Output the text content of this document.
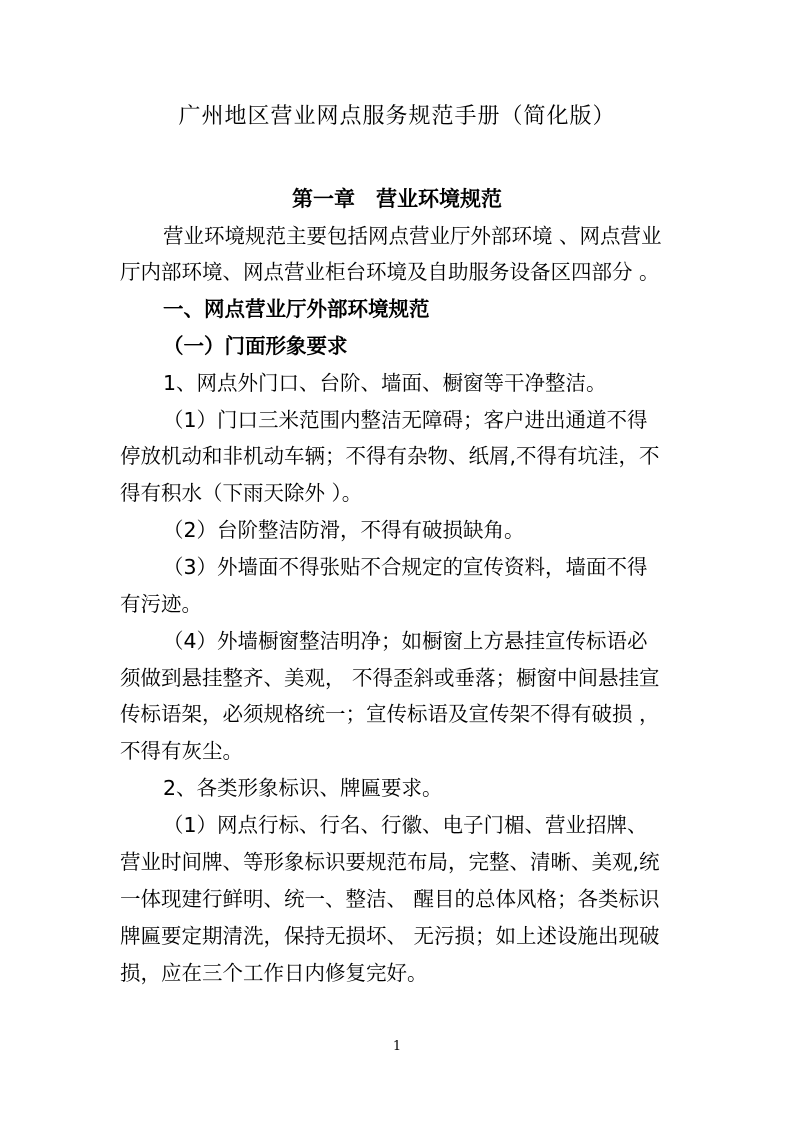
广州地区营业网点服务规范手册（简化版）
第一章　营业环境规范
营业环境规范主要包括网点营业厅外部环境 、网点营业
厅内部环境、网点营业柜台环境及自助服务设备区四部分 。
一、网点营业厅外部环境规范
（一）门面形象要求
1、网点外门口、台阶、墙面、橱窗等干净整洁。
（1）门口三米范围内整洁无障碍；客户进出通道不得
停放机动和非机动车辆；不得有杂物、纸屑,不得有坑洼，不
得有积水（下雨天除外 ）。
（2）台阶整洁防滑，不得有破损缺角。
（3）外墙面不得张贴不合规定的宣传资料，墙面不得
有污迹。
（4）外墙橱窗整洁明净；如橱窗上方悬挂宣传标语必
须做到悬挂整齐、美观， 不得歪斜或垂落；橱窗中间悬挂宣
传标语架，必须规格统一；宣传标语及宣传架不得有破损 ，
不得有灰尘。
2、各类形象标识、牌匾要求。
（1）网点行标、行名、行徽、电子门楣、营业招牌、
营业时间牌、等形象标识要规范布局，完整、清晰、美观,统
一体现建行鲜明、统一、整洁、 醒目的总体风格；各类标识
牌匾要定期清洗，保持无损坏、 无污损；如上述设施出现破
损，应在三个工作日内修复完好。
1
